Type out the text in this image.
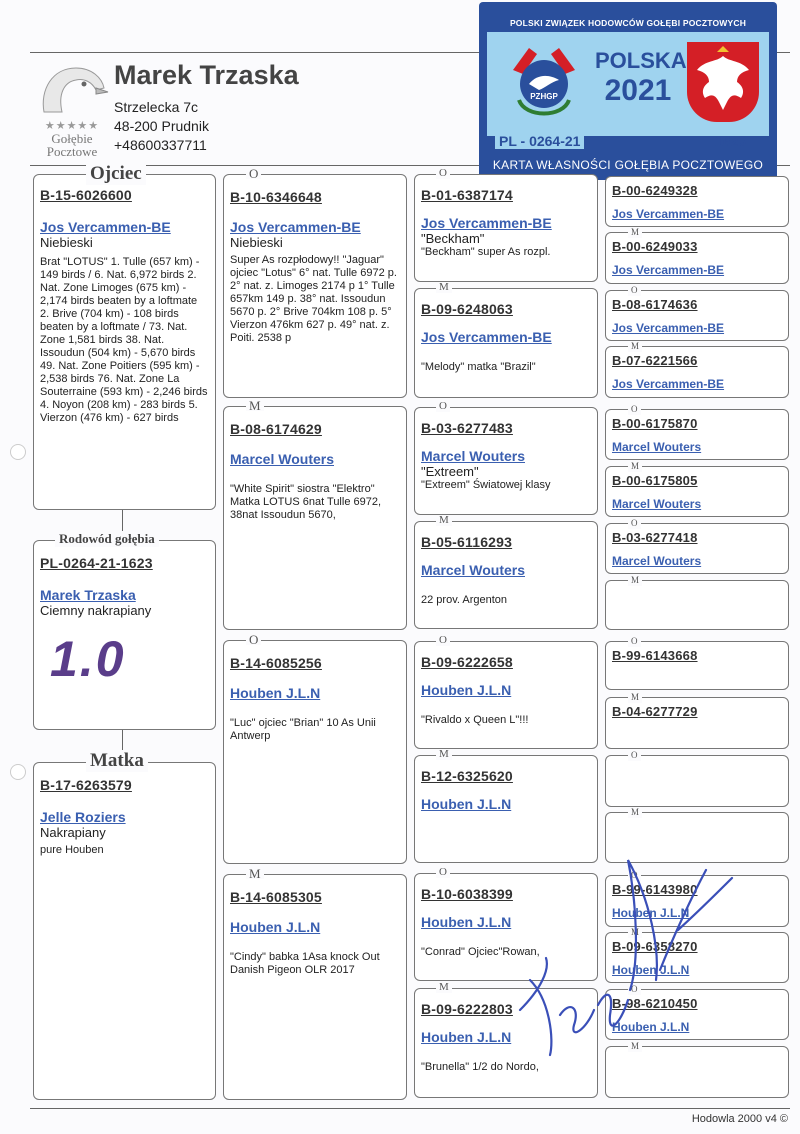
★★★★★
Gołębie
Pocztowe
Marek Trzaska
Strzelecka 7c
48-200 Prudnik
+48600337711
POLSKI ZWIĄZEK HODOWCÓW GOŁĘBI POCZTOWYCH
PZHGP
POLSKA
2021
PL - 0264-21	1623
KARTA WŁASNOŚCI GOŁĘBIA POCZTOWEGO
B-15-6026600
Jos Vercammen-BE
Niebieski
Brat "LOTUS" 1. Tulle (657 km) - 149 birds / 6. Nat. 6,972 birds 2. Nat. Zone Limoges (675 km) - 2,174 birds beaten by a loftmate 2. Brive (704 km) - 108 birds beaten by a loftmate / 73. Nat. Zone 1,581 birds 38. Nat. Issoudun (504 km) - 5,670 birds 49. Nat. Zone Poitiers (595 km) - 2,538 birds 76. Nat. Zone La Souterraine (593 km) - 2,246 birds 4. Noyon (208 km) - 283 birds 5. Vierzon (476 km) - 627 birds
Ojciec
PL-0264-21-1623
Marek Trzaska
Ciemny nakrapiany
1.0
Rodowód gołębia
B-17-6263579
Jelle Roziers
Nakrapiany
pure Houben
Matka
B-10-6346648
Jos Vercammen-BE
Niebieski
Super As rozpłodowy!! "Jaguar" ojciec "Lotus" 6° nat. Tulle 6972 p. 2° nat. z. Limoges 2174 p 1° Tulle 657km 149 p. 38° nat. Issoudun 5670 p. 2° Brive 704km 108 p. 5° Vierzon 476km 627 p. 49° nat. z. Poiti. 2538 p
O
B-08-6174629
Marcel Wouters
"White Spirit" siostra "Elektro" Matka LOTUS 6nat Tulle 6972, 38nat Issoudun 5670,
M
B-14-6085256
Houben J.L.N
"Luc" ojciec "Brian" 10 As Unii Antwerp
O
B-14-6085305
Houben J.L.N
"Cindy" babka 1Asa knock Out Danish Pigeon OLR 2017
M
B-01-6387174
Jos Vercammen-BE
"Beckham"
"Beckham" super As rozpl.
O
B-09-6248063
Jos Vercammen-BE
"Melody" matka "Brazil"
M
B-03-6277483
Marcel Wouters
"Extreem"
"Extreem" Światowej klasy
O
B-05-6116293
Marcel Wouters
22 prov. Argenton
M
B-09-6222658
Houben J.L.N
"Rivaldo x Queen L"!!!
O
B-12-6325620
Houben J.L.N
M
B-10-6038399
Houben J.L.N
"Conrad" Ojciec"Rowan,
O
B-09-6222803
Houben J.L.N
"Brunella" 1/2 do Nordo,
M
B-00-6249328
Jos Vercammen-BE
B-00-6249033
Jos Vercammen-BE
M
B-08-6174636
Jos Vercammen-BE
O
B-07-6221566
Jos Vercammen-BE
M
B-00-6175870
Marcel Wouters
O
B-00-6175805
Marcel Wouters
M
B-03-6277418
Marcel Wouters
O
M
B-99-6143668
O
B-04-6277729
M
O
M
B-99-6143980
Houben J.L.N
O
B-09-6358270
Houben J.L.N
M
B-98-6210450
Houben J.L.N
O
M
Hodowla 2000 v4 ©
